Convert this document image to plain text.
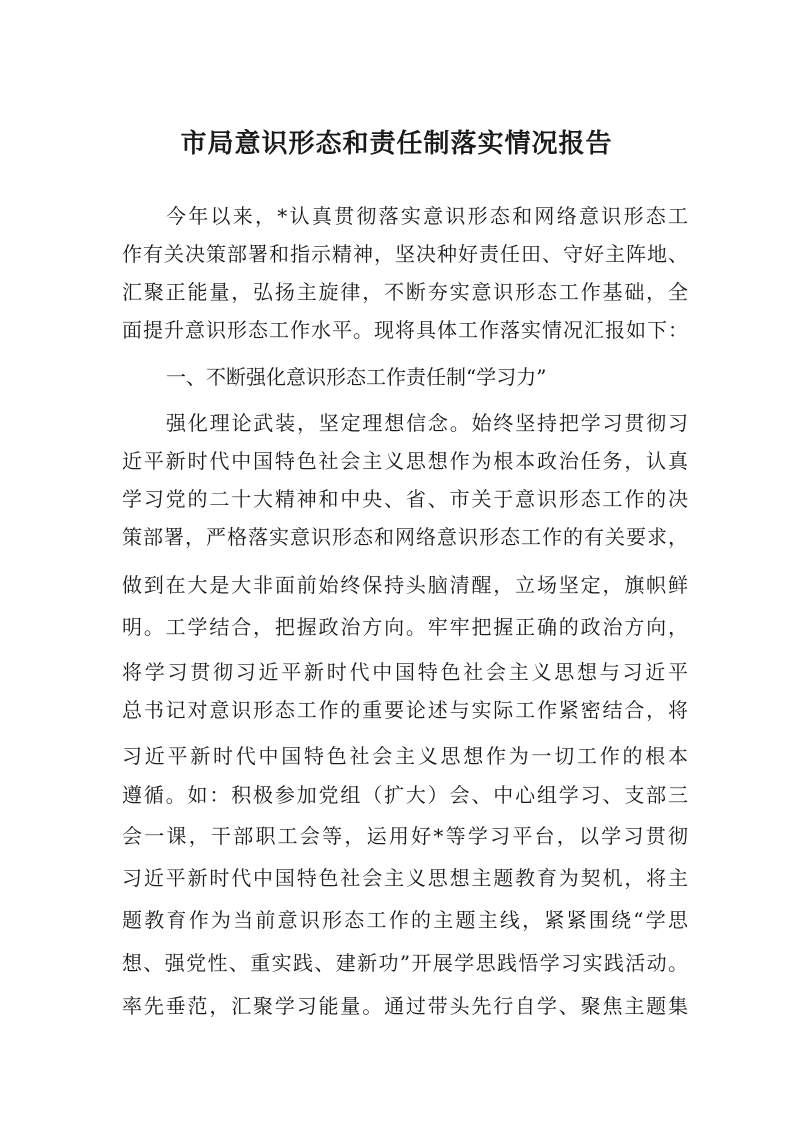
市局意识形态和责任制落实情况报告
今年以来，*认真贯彻落实意识形态和网络意识形态工
作有关决策部署和指示精神，坚决种好责任田、守好主阵地、
汇聚正能量，弘扬主旋律，不断夯实意识形态工作基础，全
面提升意识形态工作水平。现将具体工作落实情况汇报如下：
一、不断强化意识形态工作责任制“学习力”
强化理论武装，坚定理想信念。始终坚持把学习贯彻习
近平新时代中国特色社会主义思想作为根本政治任务，认真
学习党的二十大精神和中央、省、市关于意识形态工作的决
策部署，严格落实意识形态和网络意识形态工作的有关要求，
做到在大是大非面前始终保持头脑清醒，立场坚定，旗帜鲜
明。工学结合，把握政治方向。牢牢把握正确的政治方向，
将学习贯彻习近平新时代中国特色社会主义思想与习近平
总书记对意识形态工作的重要论述与实际工作紧密结合，将
习近平新时代中国特色社会主义思想作为一切工作的根本
遵循。如：积极参加党组（扩大）会、中心组学习、支部三
会一课，干部职工会等，运用好*等学习平台，以学习贯彻
习近平新时代中国特色社会主义思想主题教育为契机，将主
题教育作为当前意识形态工作的主题主线，紧紧围绕“学思
想、强党性、重实践、建新功”开展学思践悟学习实践活动。
率先垂范，汇聚学习能量。通过带头先行自学、聚焦主题集
